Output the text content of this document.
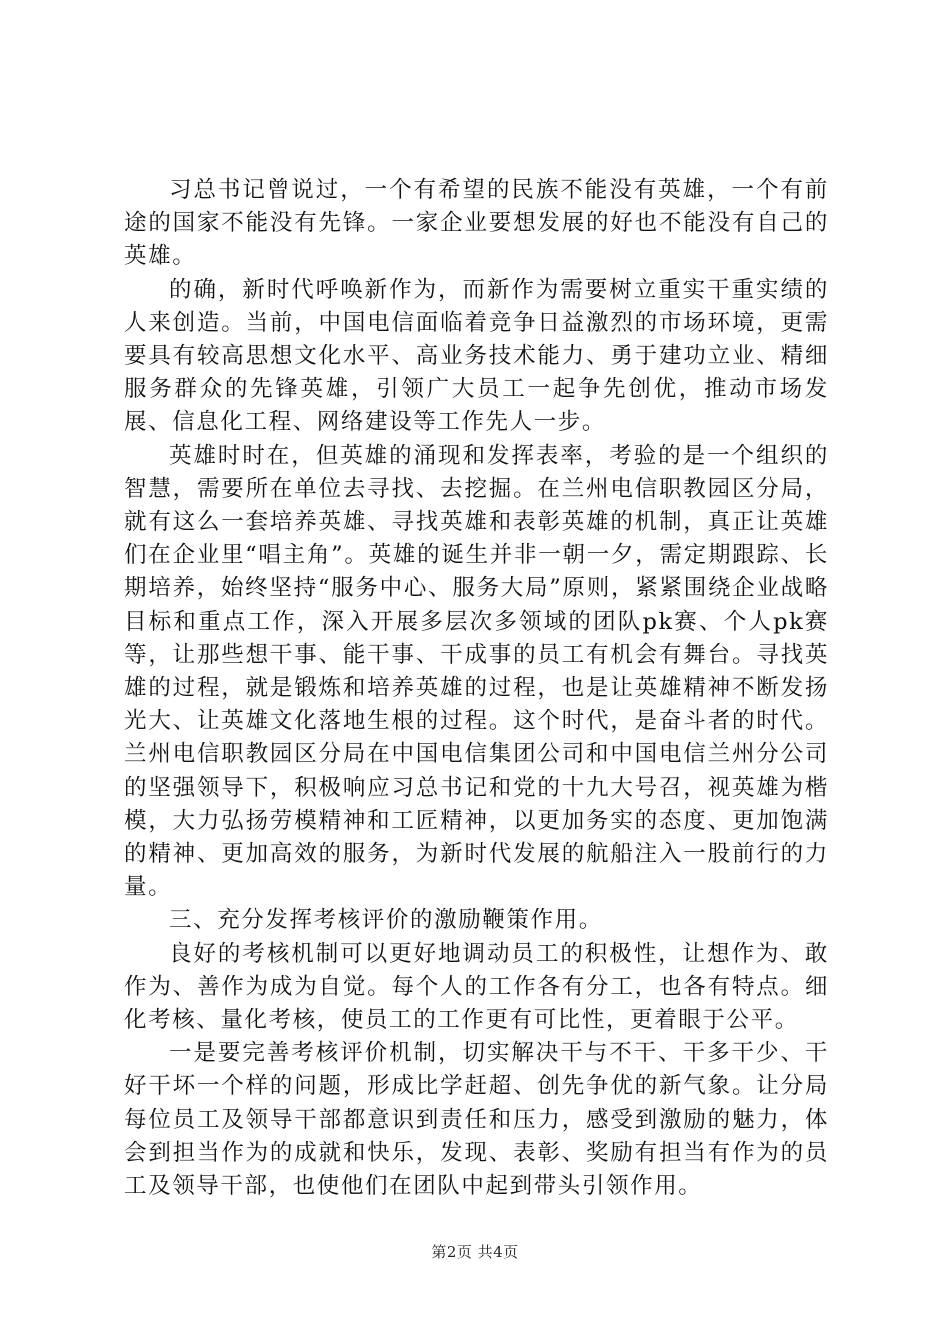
习总书记曾说过，一个有希望的民族不能没有英雄，一个有前途的国家不能没有先锋。一家企业要想发展的好也不能没有自己的英雄。

的确，新时代呼唤新作为，而新作为需要树立重实干重实绩的人来创造。当前，中国电信面临着竞争日益激烈的市场环境，更需要具有较高思想文化水平、高业务技术能力、勇于建功立业、精细服务群众的先锋英雄，引领广大员工一起争先创优，推动市场发展、信息化工程、网络建设等工作先人一步。

英雄时时在，但英雄的涌现和发挥表率，考验的是一个组织的智慧，需要所在单位去寻找、去挖掘。在兰州电信职教园区分局，就有这么一套培养英雄、寻找英雄和表彰英雄的机制，真正让英雄们在企业里“唱主角”。英雄的诞生并非一朝一夕，需定期跟踪、长期培养，始终坚持“服务中心、服务大局”原则，紧紧围绕企业战略目标和重点工作，深入开展多层次多领域的团队pk赛、个人pk赛等，让那些想干事、能干事、干成事的员工有机会有舞台。寻找英雄的过程，就是锻炼和培养英雄的过程，也是让英雄精神不断发扬光大、让英雄文化落地生根的过程。这个时代，是奋斗者的时代。兰州电信职教园区分局在中国电信集团公司和中国电信兰州分公司的坚强领导下，积极响应习总书记和党的十九大号召，视英雄为楷模，大力弘扬劳模精神和工匠精神，以更加务实的态度、更加饱满的精神、更加高效的服务，为新时代发展的航船注入一股前行的力量。

三、充分发挥考核评价的激励鞭策作用。

良好的考核机制可以更好地调动员工的积极性，让想作为、敢作为、善作为成为自觉。每个人的工作各有分工，也各有特点。细化考核、量化考核，使员工的工作更有可比性，更着眼于公平。

一是要完善考核评价机制，切实解决干与不干、干多干少、干好干坏一个样的问题，形成比学赶超、创先争优的新气象。让分局每位员工及领导干部都意识到责任和压力，感受到激励的魅力，体会到担当作为的成就和快乐，发现、表彰、奖励有担当有作为的员工及领导干部，也使他们在团队中起到带头引领作用。

第2页 共4页
